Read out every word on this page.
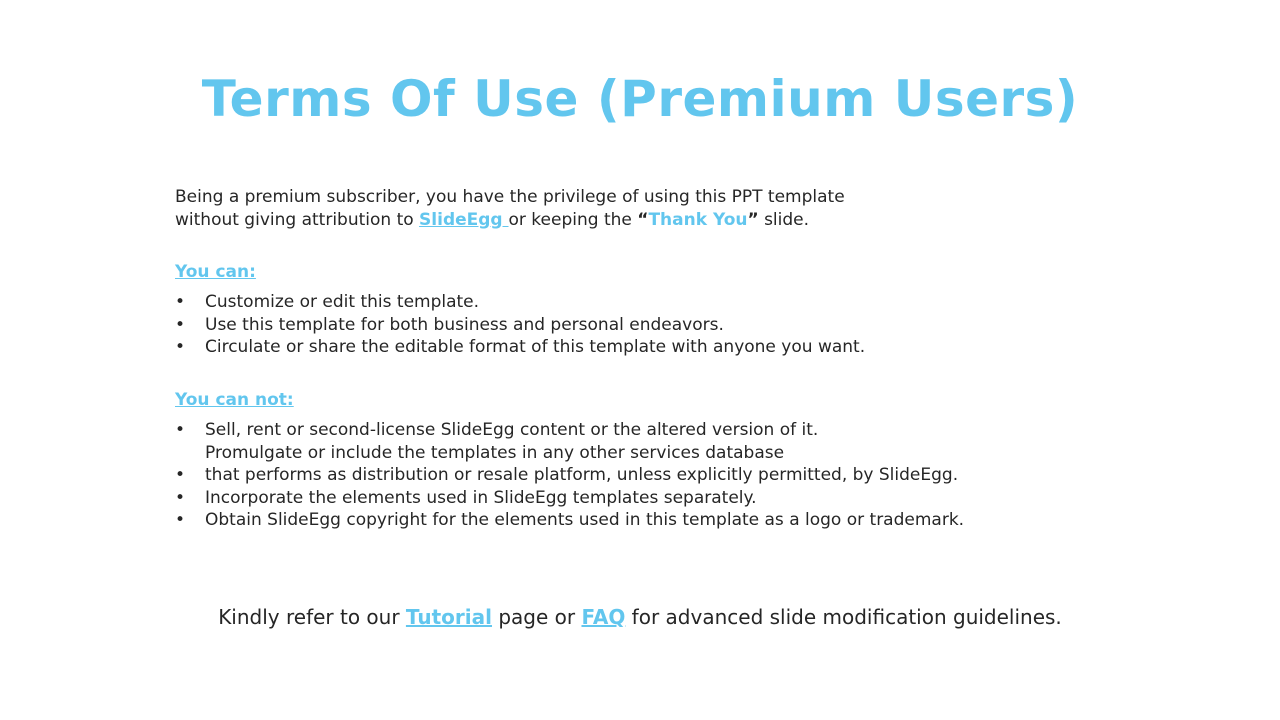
Terms Of Use (Premium Users)

Being a premium subscriber, you have the privilege of using this PPT template
without giving attribution to SlideEgg or keeping the “Thank You” slide.

You can:
• Customize or edit this template.
• Use this template for both business and personal endeavors.
• Circulate or share the editable format of this template with anyone you want.
You can not:
• Sell, rent or second-license SlideEgg content or the altered version of it.
Promulgate or include the templates in any other services database
• that performs as distribution or resale platform, unless explicitly permitted, by SlideEgg.
• Incorporate the elements used in SlideEgg templates separately.
• Obtain SlideEgg copyright for the elements used in this template as a logo or trademark.

Kindly refer to our Tutorial page or FAQ for advanced slide modification guidelines.
